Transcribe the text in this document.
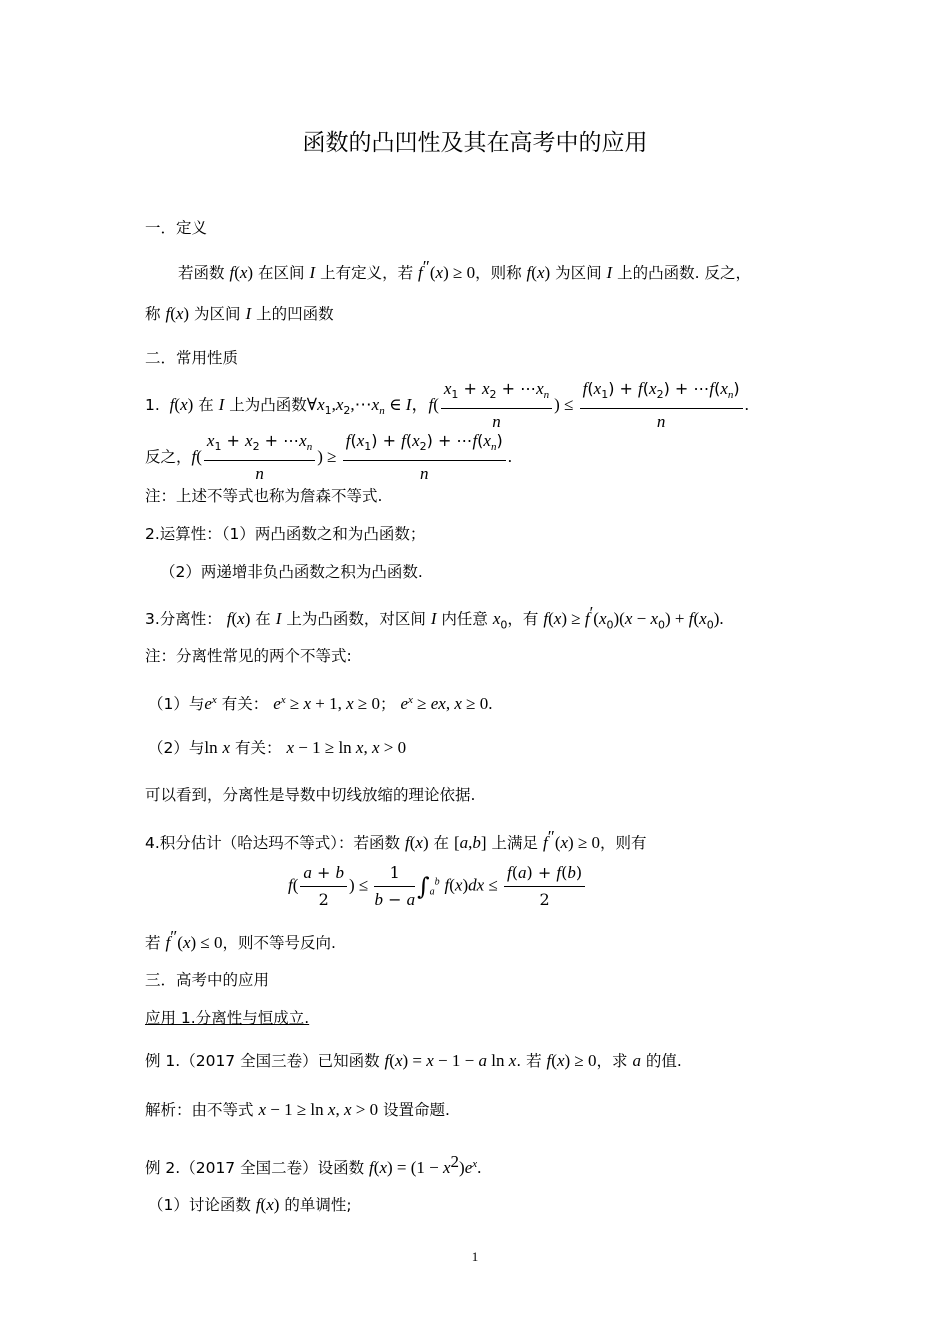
函数的凸凹性及其在高考中的应用
一．定义
若函数 f(x) 在区间 I 上有定义，若 f″(x) ≥ 0，则称 f(x) 为区间 I 上的凸函数. 反之，
称 f(x) 为区间 I 上的凹函数
二．常用性质
1. f(x) 在 I 上为凸函数$\forall x_1,x_2,\cdots x_n$ ∈ I，$f( \frac{x_1 + x_2 + \cdots x_n}{n}$ ) ≤ $\frac{f(x_1) + f(x_2) + \cdots f(x_n)}{n}$ .
反之，$f( \frac{x_1 + x_2 + \cdots x_n}{n}$ ) ≥ $\frac{f(x_1) + f(x_2) + \cdots f(x_n)}{n}$ .
注：上述不等式也称为詹森不等式.
2.运算性：（1）两凸函数之和为凸函数；
（2）两递增非负凸函数之积为凸函数.
3.分离性： f(x) 在 I 上为凸函数，对区间 I 内任意 $x_0$，有 $f(x) \ge f'(x_0)(x - x_0) + f(x_0)$.
注：分离性常见的两个不等式:
（1）与$e^x$ 有关： $e^x \ge x + 1$, x ≥ 0； $e^x$ ≥ ex, x ≥ 0.
（2）与ln x 有关： x − 1 ≥ ln x, x > 0
可以看到，分离性是导数中切线放缩的理论依据.
4.积分估计（哈达玛不等式）：若函数 f(x) 在 [a,b] 上满足 f″(x) ≥ 0，则有
$f( \frac{a + b}{2}$ ) ≤ $\frac{1}{b - a} \int_a^b$ $f(x)dx \le \frac{f(a) + f(b)}{2}$
若 f″(x) ≤ 0，则不等号反向.
三．高考中的应用
应用 1.分离性与恒成立.
例 1.（2017 全国三卷）已知函数 f(x) = x − 1 − a ln x. 若 f(x) ≥ 0，求 a 的值.
解析：由不等式 x − 1 ≥ ln x, x > 0 设置命题.
例 2.（2017 全国二卷）设函数 $f(x) = (1 - x^2)e^x$.
（1）讨论函数 f(x) 的单调性;
1
